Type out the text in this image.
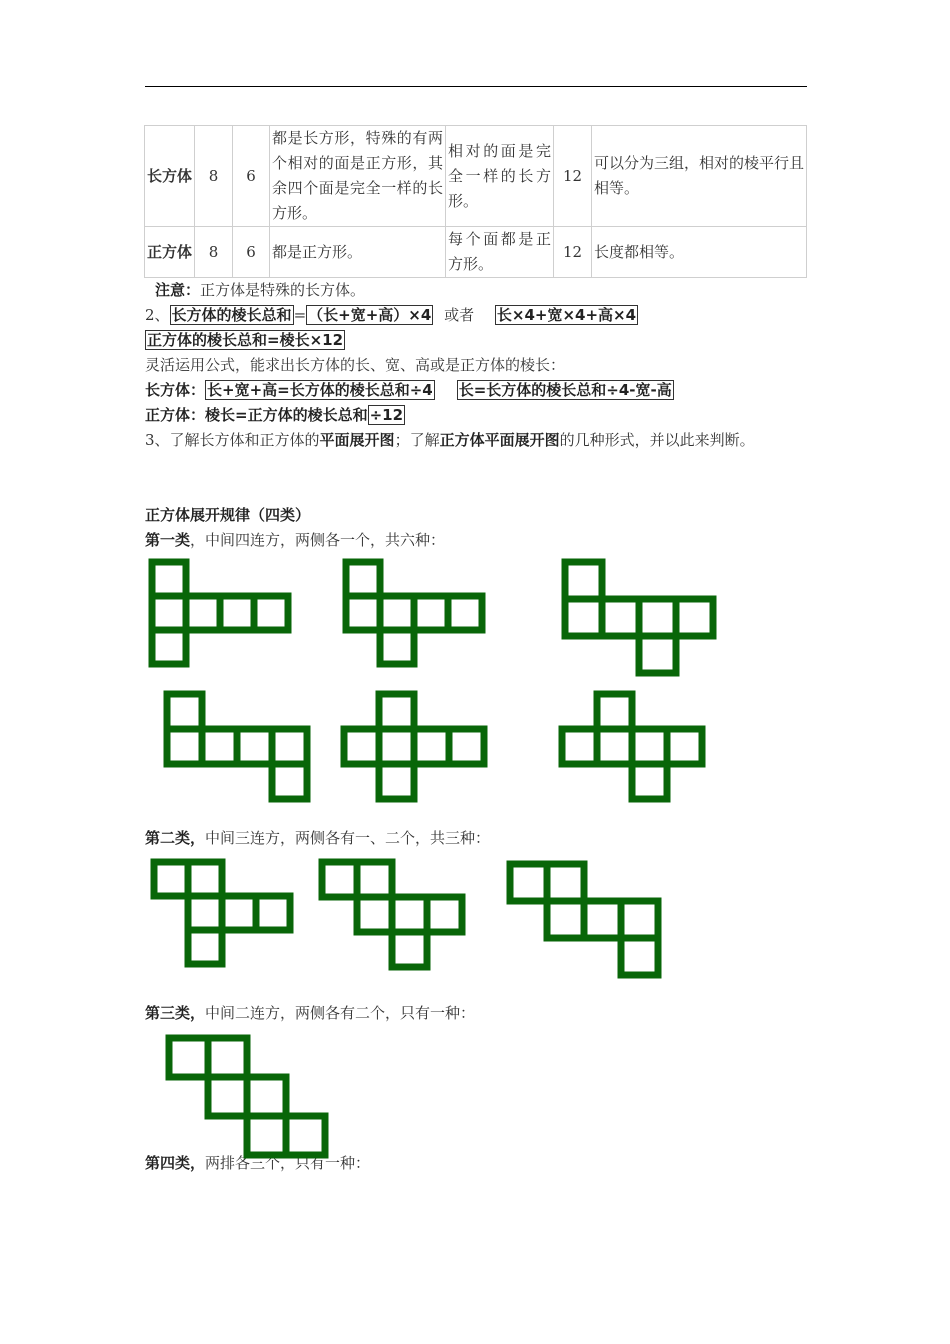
长方体	8	6	都是长方形，特殊的有两个相对的面是正方形，其余四个面是完全一样的长方形。	相对的面是完全一样的长方形。	12	可以分为三组，相对的棱平行且相等。
正方体	8	6	都是正方形。	每个面都是正方形。	12	长度都相等。
注意：正方体是特殊的长方体。
2、 长方体的棱长总和 = （长+宽+高）×4 或者 长×4+宽×4+高×4
正方体的棱长总和=棱长×12
灵活运用公式，能求出长方体的长、宽、高或是正方体的棱长：
长方体： 长+宽+高=长方体的棱长总和÷4 长=长方体的棱长总和÷4-宽-高
正方体：棱长=正方体的棱长总和 ÷12
3、了解长方体和正方体的平面展开图；了解正方体平面展开图的几种形式，并以此来判断。
正方体展开规律（四类）
第一类，中间四连方，两侧各一个，共六种：
第二类，中间三连方，两侧各有一、二个，共三种：
第三类，中间二连方，两侧各有二个，只有一种：
第四类，两排各三个，只有一种：
